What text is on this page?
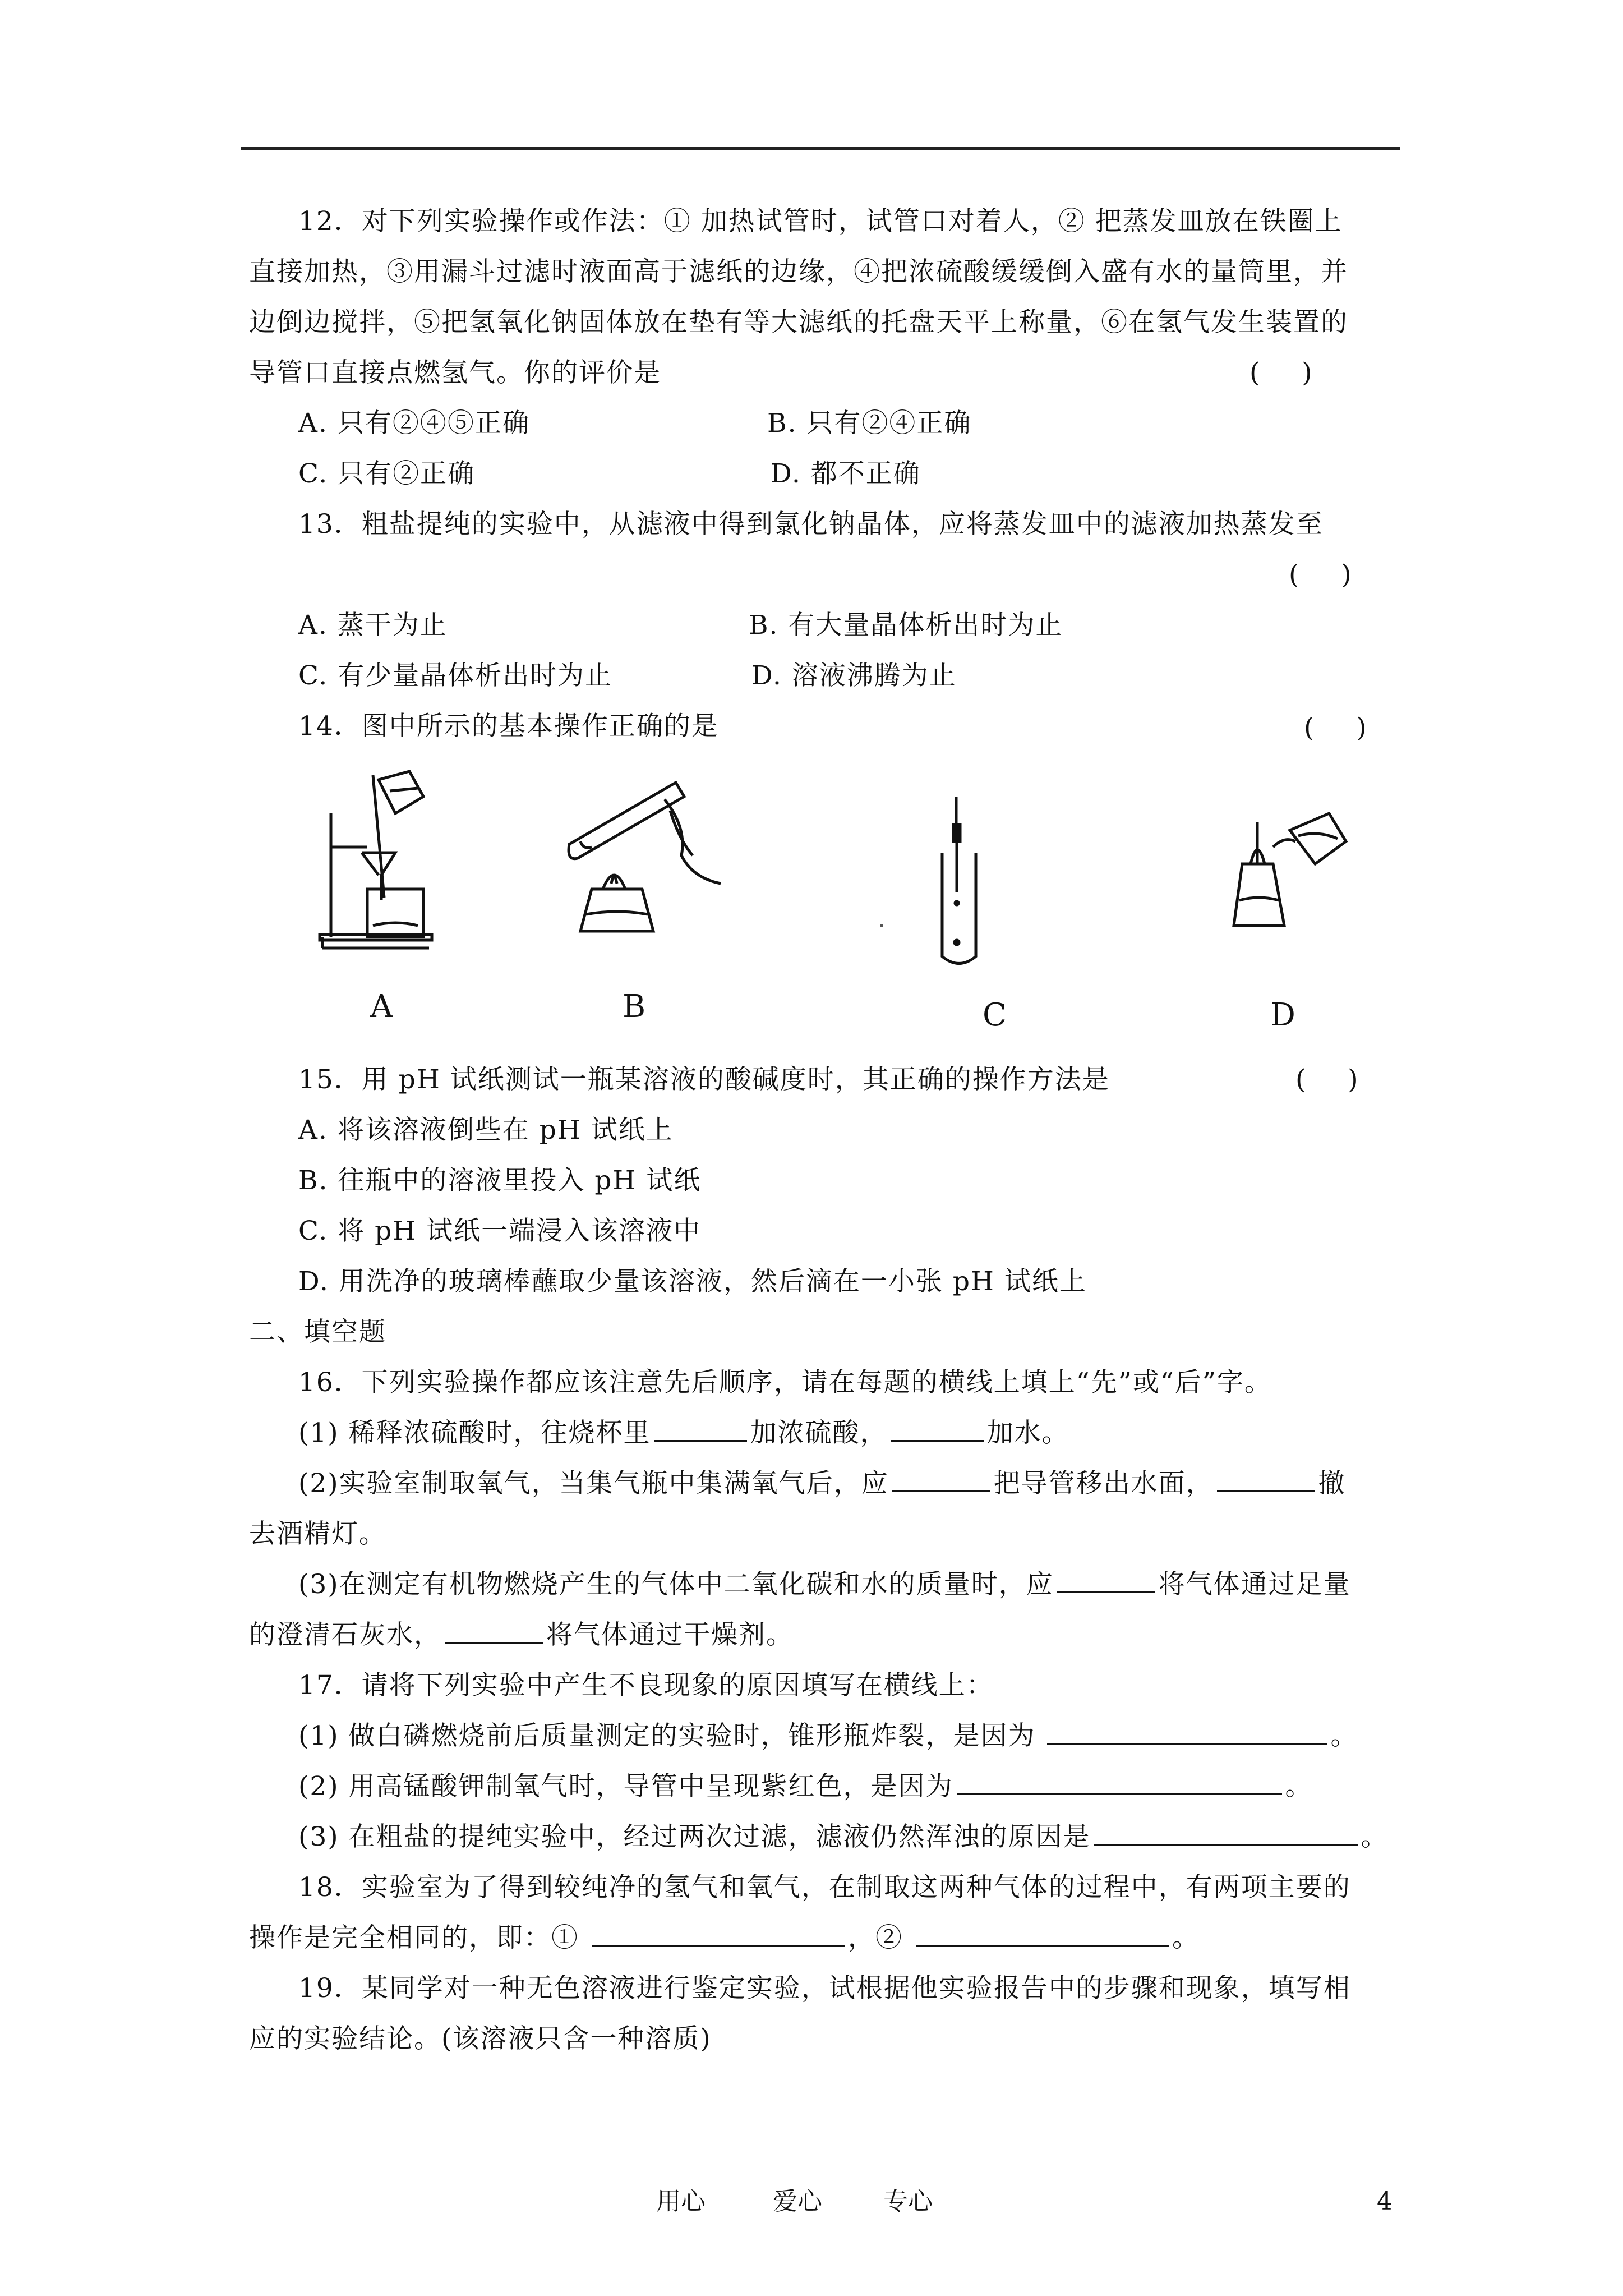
12．对下列实验操作或作法：① 加热试管时，试管口对着人，② 把蒸发皿放在铁圈上
直接加热，③用漏斗过滤时液面高于滤纸的边缘，④把浓硫酸缓缓倒入盛有水的量筒里，并
边倒边搅拌，⑤把氢氧化钠固体放在垫有等大滤纸的托盘天平上称量，⑥在氢气发生装置的
导管口直接点燃氢气。你的评价是	( )
A. 只有②④⑤正确	B. 只有②④正确
C. 只有②正确	D. 都不正确
13．粗盐提纯的实验中，从滤液中得到氯化钠晶体，应将蒸发皿中的滤液加热蒸发至
( )
A. 蒸干为止	B. 有大量晶体析出时为止
C. 有少量晶体析出时为止	D. 溶液沸腾为止
14．图中所示的基本操作正确的是	( )
A	B	C	D
15．用 pH 试纸测试一瓶某溶液的酸碱度时，其正确的操作方法是	( )
A. 将该溶液倒些在 pH 试纸上
B. 往瓶中的溶液里投入 pH 试纸
C. 将 pH 试纸一端浸入该溶液中
D. 用洗净的玻璃棒蘸取少量该溶液，然后滴在一小张 pH 试纸上
二、填空题
16．下列实验操作都应该注意先后顺序，请在每题的横线上填上“先”或“后”字。
(1) 稀释浓硫酸时，往烧杯里	加浓硫酸，	加水。
(2)实验室制取氧气，当集气瓶中集满氧气后，应	把导管移出水面，	撤
去酒精灯。
(3)在测定有机物燃烧产生的气体中二氧化碳和水的质量时，应	将气体通过足量
的澄清石灰水，	将气体通过干燥剂。
17．请将下列实验中产生不良现象的原因填写在横线上：
(1) 做白磷燃烧前后质量测定的实验时，锥形瓶炸裂，是因为	。
(2) 用高锰酸钾制氧气时，导管中呈现紫红色，是因为	。
(3) 在粗盐的提纯实验中，经过两次过滤，滤液仍然浑浊的原因是	。
18．实验室为了得到较纯净的氢气和氧气，在制取这两种气体的过程中，有两项主要的
操作是完全相同的，即：①	，②	。
19．某同学对一种无色溶液进行鉴定实验，试根据他实验报告中的步骤和现象，填写相
应的实验结论。(该溶液只含一种溶质)
用心	爱心 专心	4
